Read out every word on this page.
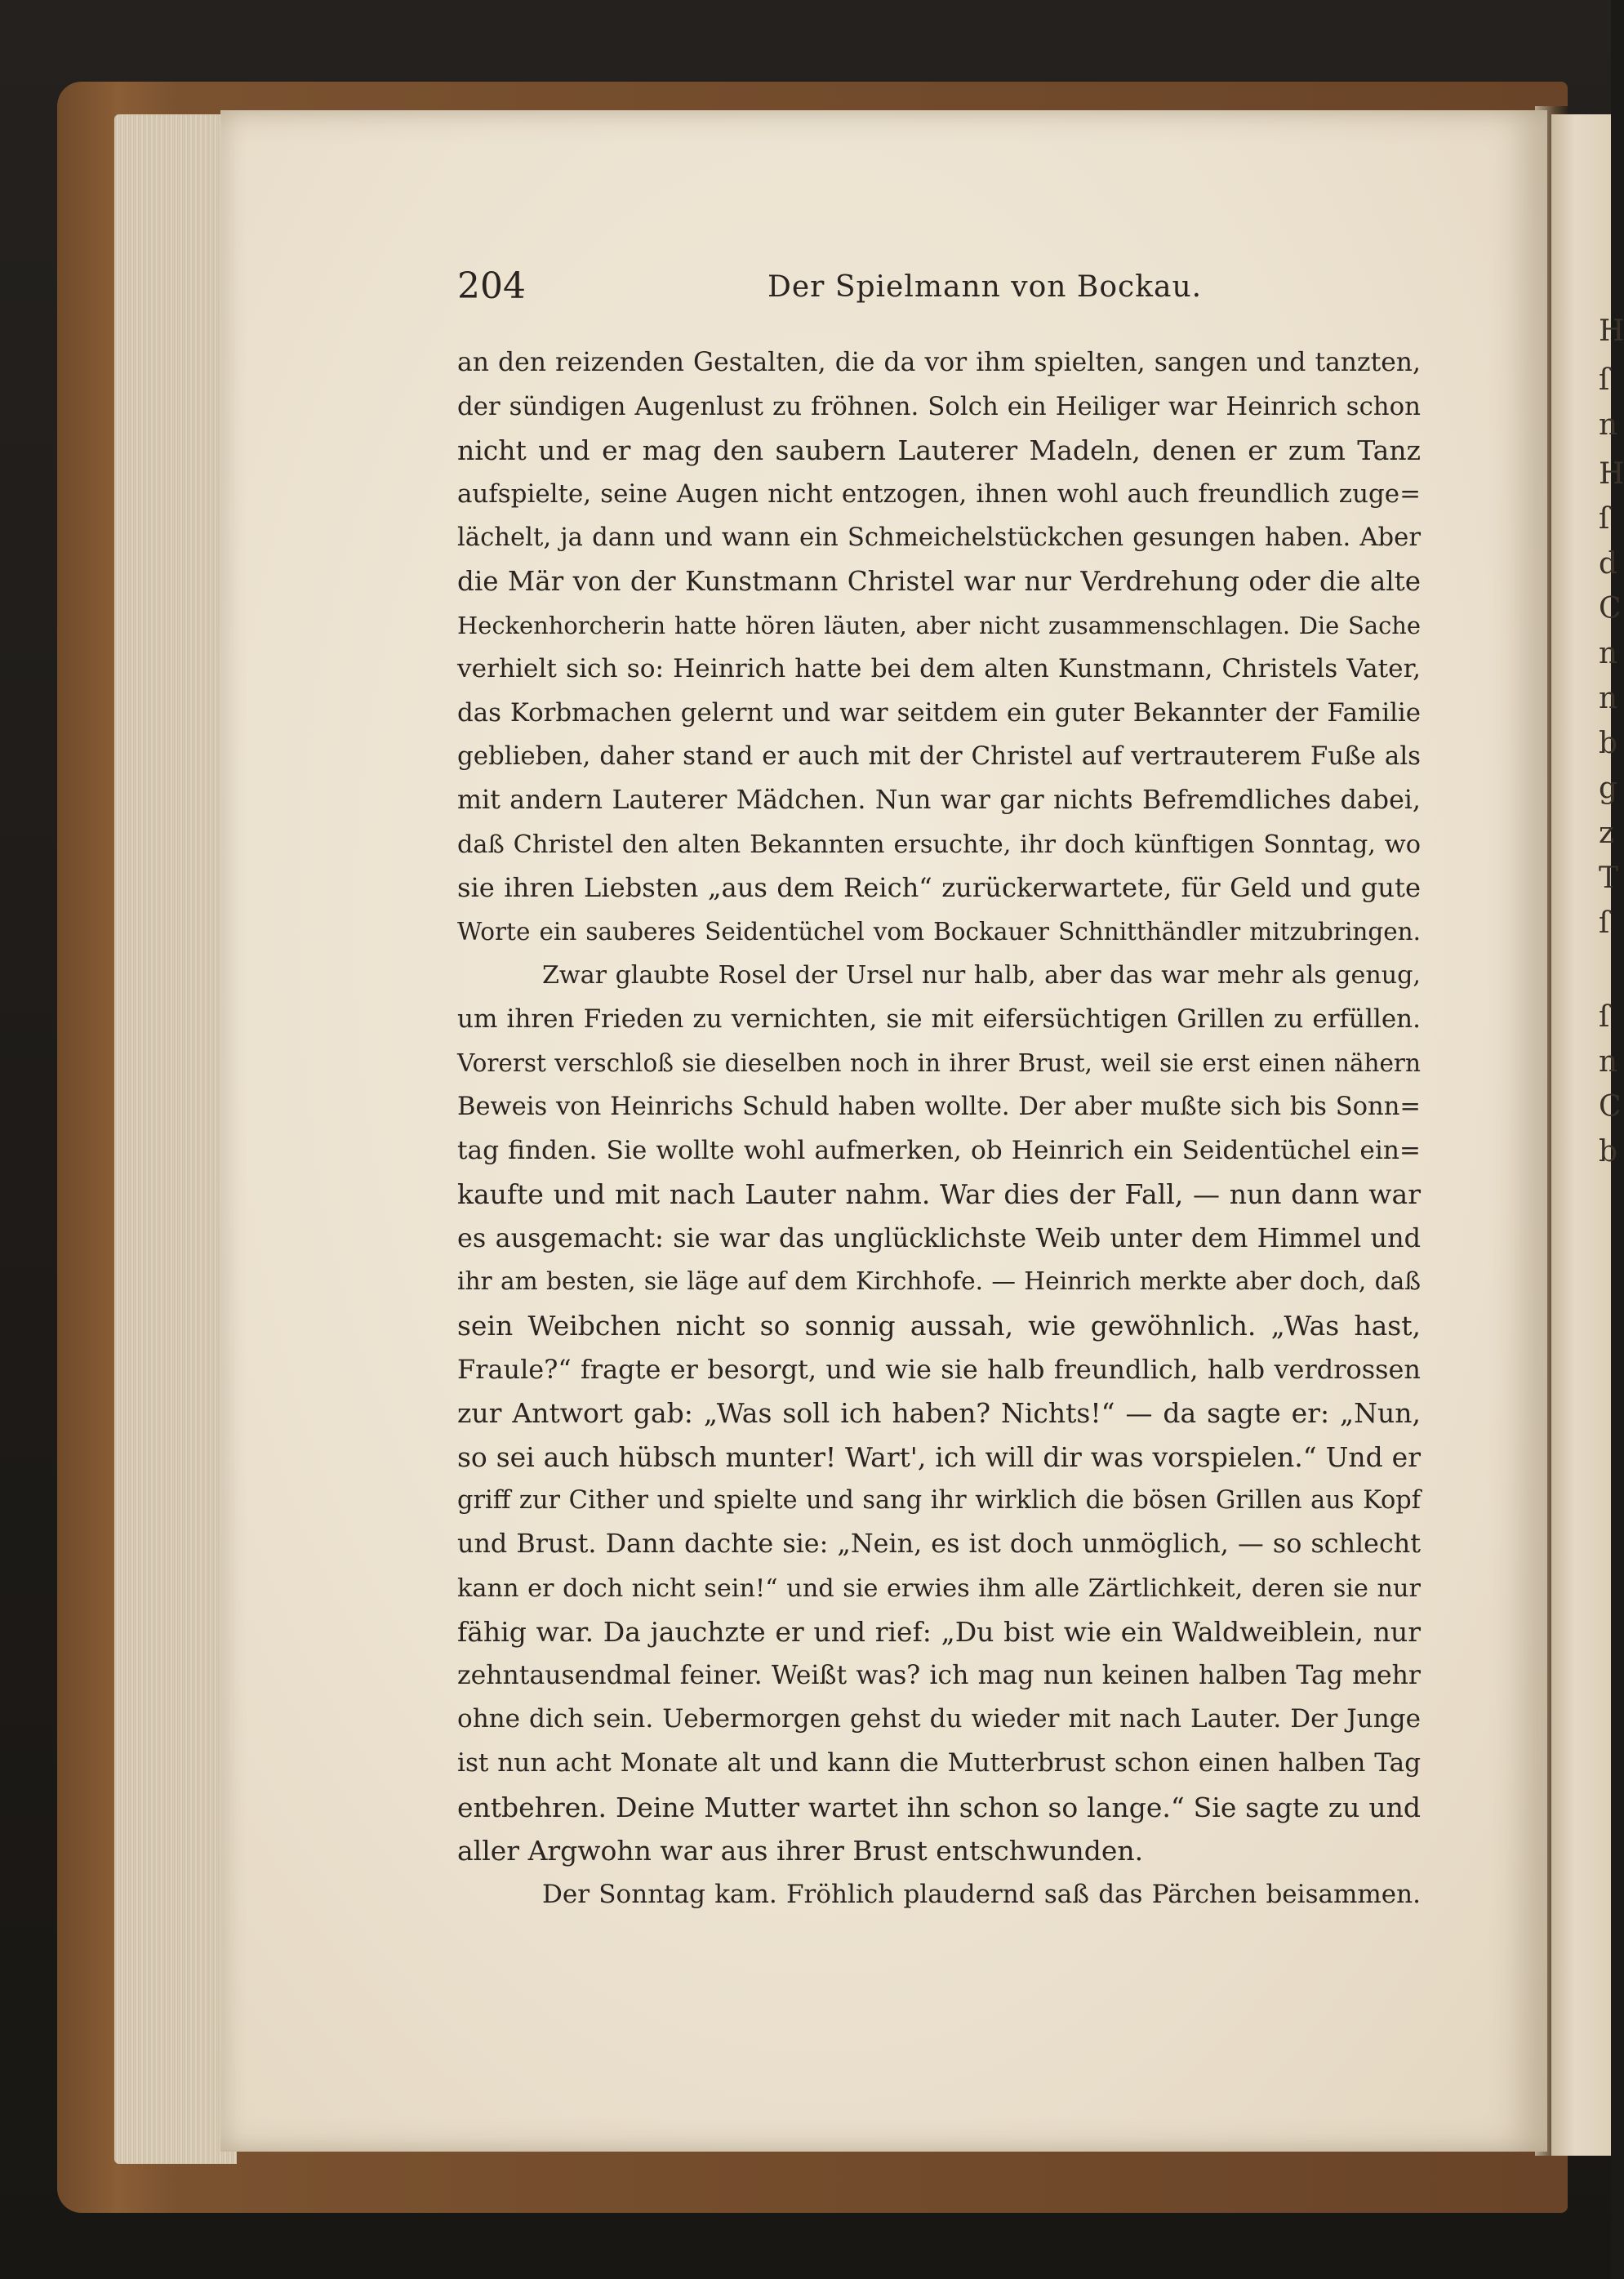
H
ſ
n
H
ſ
d
C
n
n
b
g
z
T
ſ
ſ
n
C
b
204	Der Spielmann von Bockau.
an den reizenden Gestalten, die da vor ihm spielten, sangen und tanzten,
der sündigen Augenlust zu fröhnen. Solch ein Heiliger war Heinrich schon
nicht und er mag den saubern Lauterer Madeln, denen er zum Tanz
aufspielte, seine Augen nicht entzogen, ihnen wohl auch freundlich zuge=
lächelt, ja dann und wann ein Schmeichelstückchen gesungen haben. Aber
die Mär von der Kunstmann Christel war nur Verdrehung oder die alte
Heckenhorcherin hatte hören läuten, aber nicht zusammenschlagen. Die Sache
verhielt sich so: Heinrich hatte bei dem alten Kunstmann, Christels Vater,
das Korbmachen gelernt und war seitdem ein guter Bekannter der Familie
geblieben, daher stand er auch mit der Christel auf vertrauterem Fuße als
mit andern Lauterer Mädchen. Nun war gar nichts Befremdliches dabei,
daß Christel den alten Bekannten ersuchte, ihr doch künftigen Sonntag, wo
sie ihren Liebsten „aus dem Reich“ zurückerwartete, für Geld und gute
Worte ein sauberes Seidentüchel vom Bockauer Schnitthändler mitzubringen.
Zwar glaubte Rosel der Ursel nur halb, aber das war mehr als genug,
um ihren Frieden zu vernichten, sie mit eifersüchtigen Grillen zu erfüllen.
Vorerst verschloß sie dieselben noch in ihrer Brust, weil sie erst einen nähern
Beweis von Heinrichs Schuld haben wollte. Der aber mußte sich bis Sonn=
tag finden. Sie wollte wohl aufmerken, ob Heinrich ein Seidentüchel ein=
kaufte und mit nach Lauter nahm. War dies der Fall, — nun dann war
es ausgemacht: sie war das unglücklichste Weib unter dem Himmel und
ihr am besten, sie läge auf dem Kirchhofe. — Heinrich merkte aber doch, daß
sein Weibchen nicht so sonnig aussah, wie gewöhnlich. „Was hast,
Fraule?“ fragte er besorgt, und wie sie halb freundlich, halb verdrossen
zur Antwort gab: „Was soll ich haben? Nichts!“ — da sagte er: „Nun,
so sei auch hübsch munter! Wart', ich will dir was vorspielen.“ Und er
griff zur Cither und spielte und sang ihr wirklich die bösen Grillen aus Kopf
und Brust. Dann dachte sie: „Nein, es ist doch unmöglich, — so schlecht
kann er doch nicht sein!“ und sie erwies ihm alle Zärtlichkeit, deren sie nur
fähig war. Da jauchzte er und rief: „Du bist wie ein Waldweiblein, nur
zehntausendmal feiner. Weißt was? ich mag nun keinen halben Tag mehr
ohne dich sein. Uebermorgen gehst du wieder mit nach Lauter. Der Junge
ist nun acht Monate alt und kann die Mutterbrust schon einen halben Tag
entbehren. Deine Mutter wartet ihn schon so lange.“ Sie sagte zu und
aller Argwohn war aus ihrer Brust entschwunden.
Der Sonntag kam. Fröhlich plaudernd saß das Pärchen beisammen.
